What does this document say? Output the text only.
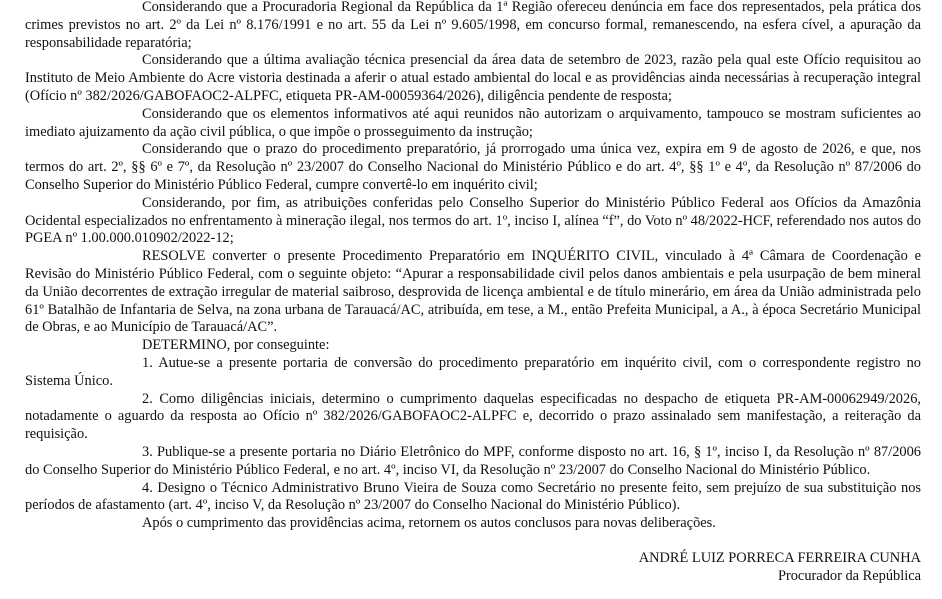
Considerando que a Procuradoria Regional da República da 1ª Região ofereceu denúncia em face dos representados, pela prática dos crimes previstos no art. 2º da Lei nº 8.176/1991 e no art. 55 da Lei nº 9.605/1998, em concurso formal, remanescendo, na esfera cível, a apuração da responsabilidade reparatória;

Considerando que a última avaliação técnica presencial da área data de setembro de 2023, razão pela qual este Ofício requisitou ao Instituto de Meio Ambiente do Acre vistoria destinada a aferir o atual estado ambiental do local e as providências ainda necessárias à recuperação integral (Ofício nº 382/2026/GABOFAOC2-ALPFC, etiqueta PR-AM-00059364/2026), diligência pendente de resposta;

Considerando que os elementos informativos até aqui reunidos não autorizam o arquivamento, tampouco se mostram suficientes ao imediato ajuizamento da ação civil pública, o que impõe o prosseguimento da instrução;

Considerando que o prazo do procedimento preparatório, já prorrogado uma única vez, expira em 9 de agosto de 2026, e que, nos termos do art. 2º, §§ 6º e 7º, da Resolução nº 23/2007 do Conselho Nacional do Ministério Público e do art. 4º, §§ 1º e 4º, da Resolução nº 87/2006 do Conselho Superior do Ministério Público Federal, cumpre convertê-lo em inquérito civil;

Considerando, por fim, as atribuições conferidas pelo Conselho Superior do Ministério Público Federal aos Ofícios da Amazônia Ocidental especializados no enfrentamento à mineração ilegal, nos termos do art. 1º, inciso I, alínea “f”, do Voto nº 48/2022-HCF, referendado nos autos do PGEA nº 1.00.000.010902/2022-12;

RESOLVE converter o presente Procedimento Preparatório em INQUÉRITO CIVIL, vinculado à 4ª Câmara de Coordenação e Revisão do Ministério Público Federal, com o seguinte objeto: “Apurar a responsabilidade civil pelos danos ambientais e pela usurpação de bem mineral da União decorrentes de extração irregular de material saibroso, desprovida de licença ambiental e de título minerário, em área da União administrada pelo 61º Batalhão de Infantaria de Selva, na zona urbana de Tarauacá/AC, atribuída, em tese, a M., então Prefeita Municipal, a A., à época Secretário Municipal de Obras, e ao Município de Tarauacá/AC”.

DETERMINO, por conseguinte:

1. Autue-se a presente portaria de conversão do procedimento preparatório em inquérito civil, com o correspondente registro no Sistema Único.

2. Como diligências iniciais, determino o cumprimento daquelas especificadas no despacho de etiqueta PR-AM-00062949/2026, notadamente o aguardo da resposta ao Ofício nº 382/2026/GABOFAOC2-ALPFC e, decorrido o prazo assinalado sem manifestação, a reiteração da requisição.

3. Publique-se a presente portaria no Diário Eletrônico do MPF, conforme disposto no art. 16, § 1º, inciso I, da Resolução nº 87/2006 do Conselho Superior do Ministério Público Federal, e no art. 4º, inciso VI, da Resolução nº 23/2007 do Conselho Nacional do Ministério Público.

4. Designo o Técnico Administrativo Bruno Vieira de Souza como Secretário no presente feito, sem prejuízo de sua substituição nos períodos de afastamento (art. 4º, inciso V, da Resolução nº 23/2007 do Conselho Nacional do Ministério Público).

Após o cumprimento das providências acima, retornem os autos conclusos para novas deliberações.

ANDRÉ LUIZ PORRECA FERREIRA CUNHA
Procurador da República
